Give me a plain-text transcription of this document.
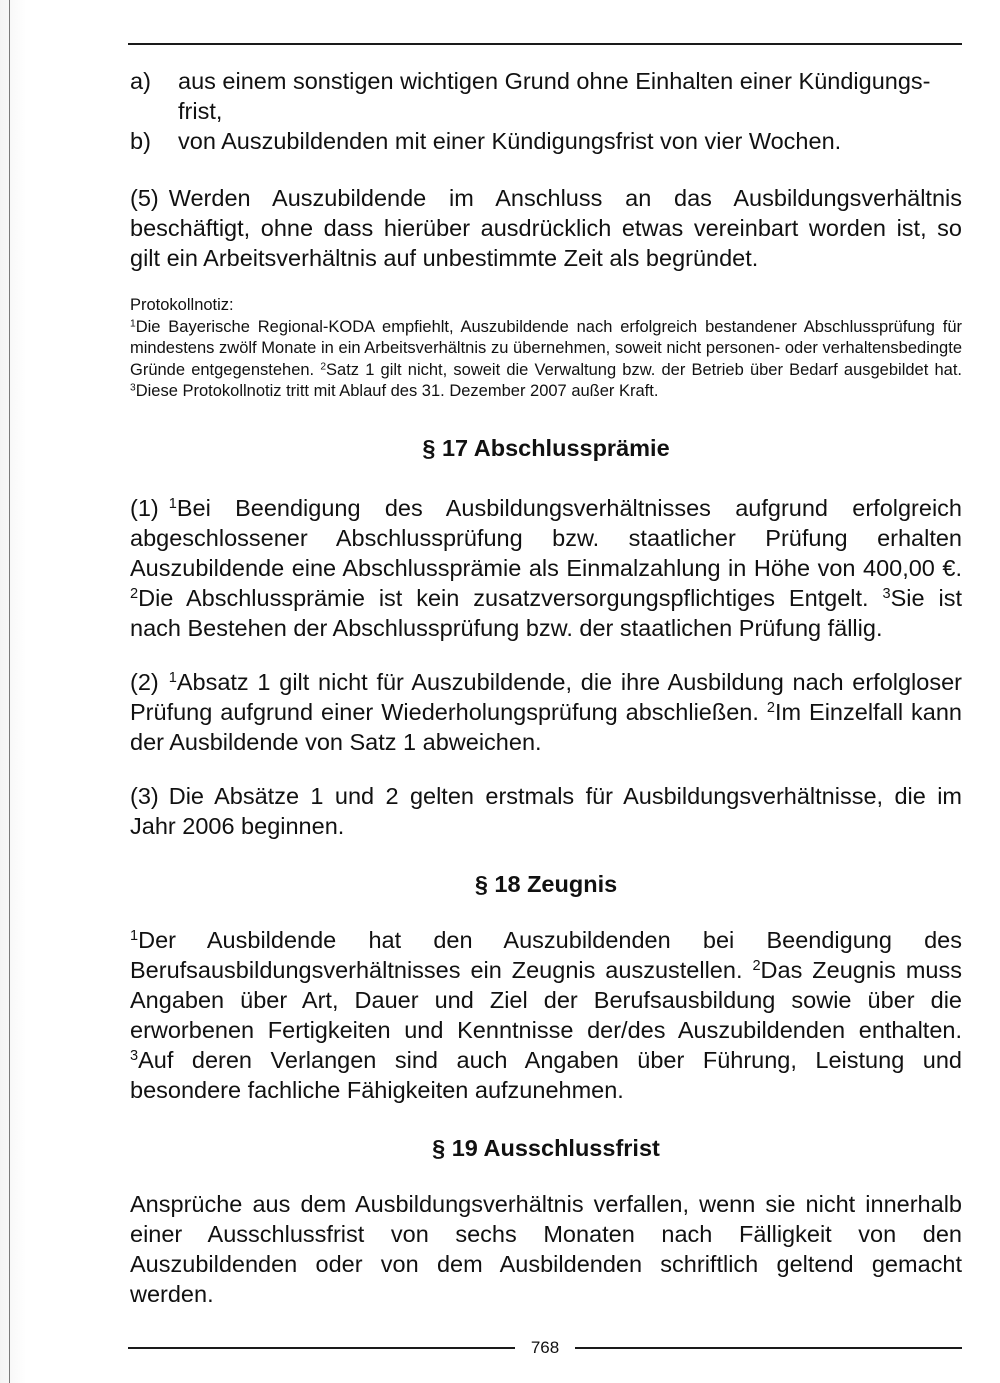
a)	aus einem sonstigen wichtigen Grund ohne Einhalten einer Kündigungs-frist,
b)	von Auszubildenden mit einer Kündigungsfrist von vier Wochen.

(5) Werden Auszubildende im Anschluss an das Ausbildungsverhältnis beschäftigt, ohne dass hierüber ausdrücklich etwas vereinbart worden ist, so gilt ein Arbeitsverhältnis auf unbestimmte Zeit als begründet.

Protokollnotiz:

$^1$Die Bayerische Regional-KODA empfiehlt, Auszubildende nach erfolgreich bestandener Abschlussprüfung für mindestens zwölf Monate in ein Arbeitsverhältnis zu übernehmen, soweit nicht personen- oder verhaltensbedingte Gründe entgegenstehen. $^2$Satz 1 gilt nicht, soweit die Verwaltung bzw. der Betrieb über Bedarf ausgebildet hat. $^3$Diese Protokollnotiz tritt mit Ablauf des 31. Dezember 2007 außer Kraft.

§ 17 Abschlussprämie

(1) $^1$Bei Beendigung des Ausbildungsverhältnisses aufgrund erfolgreich abgeschlossener Abschlussprüfung bzw. staatlicher Prüfung erhalten Auszubildende eine Abschlussprämie als Einmalzahlung in Höhe von 400,00 €. $^2$Die Abschlussprämie ist kein zusatzversorgungspflichtiges Entgelt. $^3$Sie ist nach Bestehen der Abschlussprüfung bzw. der staatlichen Prüfung fällig.

(2) $^1$Absatz 1 gilt nicht für Auszubildende, die ihre Ausbildung nach erfolgloser Prüfung aufgrund einer Wiederholungsprüfung abschließen. $^2$Im Einzelfall kann der Ausbildende von Satz 1 abweichen.

(3) Die Absätze 1 und 2 gelten erstmals für Ausbildungsverhältnisse, die im Jahr 2006 beginnen.

§ 18 Zeugnis

$^1$Der Ausbildende hat den Auszubildenden bei Beendigung des Berufsausbildungsverhältnisses ein Zeugnis auszustellen. $^2$Das Zeugnis muss Angaben über Art, Dauer und Ziel der Berufsausbildung sowie über die erworbenen Fertigkeiten und Kenntnisse der/des Auszubildenden enthalten. $^3$Auf deren Verlangen sind auch Angaben über Führung, Leistung und besondere fachliche Fähigkeiten aufzunehmen.

§ 19 Ausschlussfrist

Ansprüche aus dem Ausbildungsverhältnis verfallen, wenn sie nicht innerhalb einer Ausschlussfrist von sechs Monaten nach Fälligkeit von den Auszubildenden oder von dem Ausbildenden schriftlich geltend gemacht werden.

768
